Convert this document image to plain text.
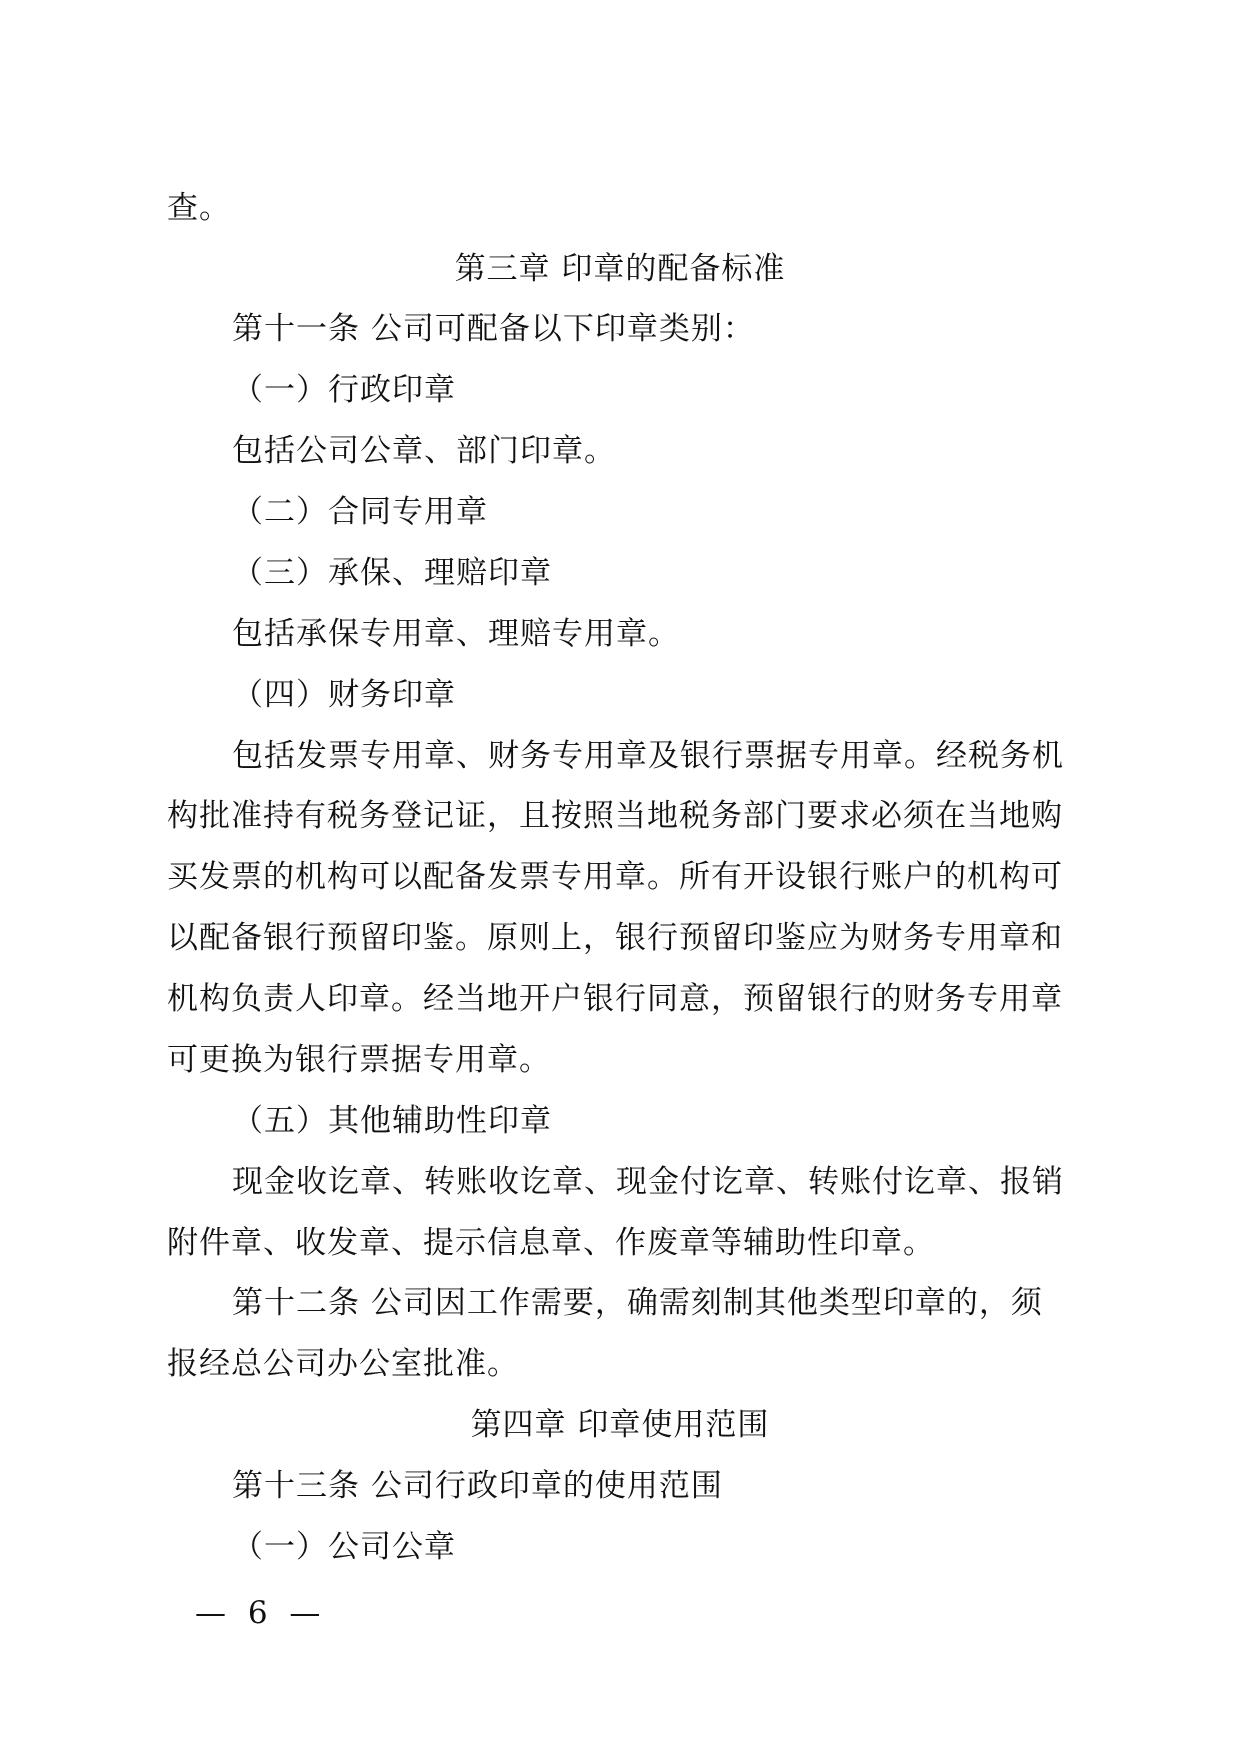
查。
第三章 印章的配备标准
第十一条 公司可配备以下印章类别：
（一）行政印章
包括公司公章、部门印章。
（二）合同专用章
（三）承保、理赔印章
包括承保专用章、理赔专用章。
（四）财务印章
包括发票专用章、财务专用章及银行票据专用章。经税务机
构批准持有税务登记证，且按照当地税务部门要求必须在当地购
买发票的机构可以配备发票专用章。所有开设银行账户的机构可
以配备银行预留印鉴。原则上，银行预留印鉴应为财务专用章和
机构负责人印章。经当地开户银行同意，预留银行的财务专用章
可更换为银行票据专用章。
（五）其他辅助性印章
现金收讫章、转账收讫章、现金付讫章、转账付讫章、报销
附件章、收发章、提示信息章、作废章等辅助性印章。
第十二条 公司因工作需要，确需刻制其他类型印章的，须
报经总公司办公室批准。
第四章 印章使用范围
第十三条 公司行政印章的使用范围
（一）公司公章
— 6 —
